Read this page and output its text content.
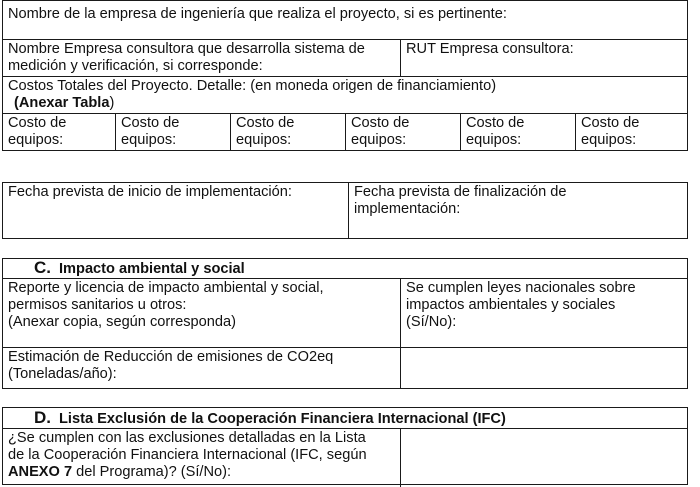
Nombre de la empresa de ingeniería que realiza el proyecto, si es pertinente:
Nombre Empresa consultora que desarrolla sistema de
medición y verificación, si corresponde:
RUT Empresa consultora:
Costos Totales del Proyecto. Detalle: (en moneda origen de financiamiento)
(Anexar Tabla)
Costo de
equipos:
Costo de
equipos:
Costo de
equipos:
Costo de
equipos:
Costo de
equipos:
Costo de
equipos:
Fecha prevista de inicio de implementación:	Fecha prevista de finalización de
implementación:
C. Impacto ambiental y social
Reporte y licencia de impacto ambiental y social,
permisos sanitarios u otros:
(Anexar copia, según corresponda)
Se cumplen leyes nacionales sobre
impactos ambientales y sociales
(Sí/No):
Estimación de Reducción de emisiones de CO2eq
(Toneladas/año):
D. Lista Exclusión de la Cooperación Financiera Internacional (IFC)
¿Se cumplen con las exclusiones detalladas en la Lista
de la Cooperación Financiera Internacional (IFC, según
ANEXO 7 del Programa)? (Sí/No):
